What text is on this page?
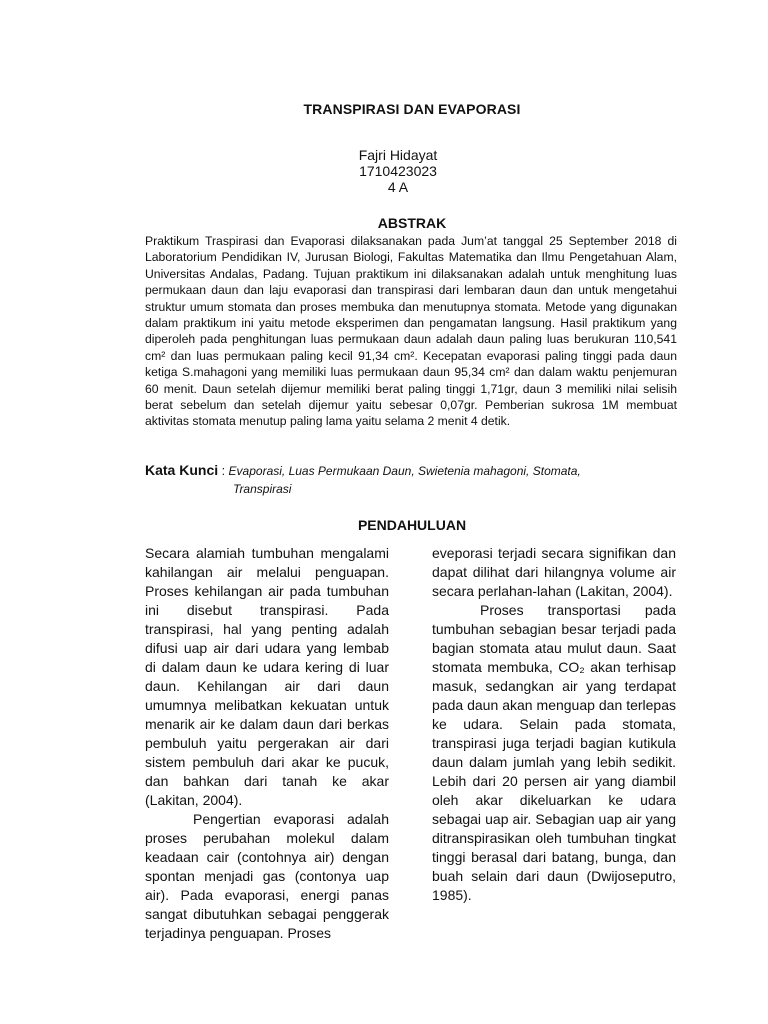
TRANSPIRASI DAN EVAPORASI
Fajri Hidayat
1710423023
4 A
ABSTRAK

Praktikum Traspirasi dan Evaporasi dilaksanakan pada Jum’at tanggal 25 September 2018 di Laboratorium Pendidikan IV, Jurusan Biologi, Fakultas Matematika dan Ilmu Pengetahuan Alam, Universitas Andalas, Padang. Tujuan praktikum ini dilaksanakan adalah untuk menghitung luas permukaan daun dan laju evaporasi dan transpirasi dari lembaran daun dan untuk mengetahui struktur umum stomata dan proses membuka dan menutupnya stomata. Metode yang digunakan dalam praktikum ini yaitu metode eksperimen dan pengamatan langsung. Hasil praktikum yang diperoleh pada penghitungan luas permukaan daun adalah daun paling luas berukuran 110,541 cm² dan luas permukaan paling kecil 91,34 cm². Kecepatan evaporasi paling tinggi pada daun ketiga S.mahagoni yang memiliki luas permukaan daun 95,34 cm² dan dalam waktu penjemuran 60 menit. Daun setelah dijemur memiliki berat paling tinggi 1,71gr, daun 3 memiliki nilai selisih berat sebelum dan setelah dijemur yaitu sebesar 0,07gr. Pemberian sukrosa 1M membuat aktivitas stomata menutup paling lama yaitu selama 2 menit 4 detik.

Kata Kunci : Evaporasi, Luas Permukaan Daun, Swietenia mahagoni, Stomata,
Transpirasi
PENDAHULUAN

Secara alamiah tumbuhan mengalami kahilangan air melalui penguapan. Proses kehilangan air pada tumbuhan ini disebut transpirasi. Pada transpirasi, hal yang penting adalah difusi uap air dari udara yang lembab di dalam daun ke udara kering di luar daun. Kehilangan air dari daun umumnya melibatkan kekuatan untuk menarik air ke dalam daun dari berkas pembuluh yaitu pergerakan air dari sistem pembuluh dari akar ke pucuk, dan bahkan dari tanah ke akar (Lakitan, 2004).

Pengertian evaporasi adalah proses perubahan molekul dalam keadaan cair (contohnya air) dengan spontan menjadi gas (contonya uap air). Pada evaporasi, energi panas sangat dibutuhkan sebagai penggerak terjadinya penguapan. Proses

eveporasi terjadi secara signifikan dan dapat dilihat dari hilangnya volume air secara perlahan-lahan (Lakitan, 2004).

Proses transportasi pada tumbuhan sebagian besar terjadi pada bagian stomata atau mulut daun. Saat stomata membuka, CO₂ akan terhisap masuk, sedangkan air yang terdapat pada daun akan menguap dan terlepas ke udara. Selain pada stomata, transpirasi juga terjadi bagian kutikula daun dalam jumlah yang lebih sedikit. Lebih dari 20 persen air yang diambil oleh akar dikeluarkan ke udara sebagai uap air. Sebagian uap air yang ditranspirasikan oleh tumbuhan tingkat tinggi berasal dari batang, bunga, dan buah selain dari daun (Dwijoseputro, 1985).
